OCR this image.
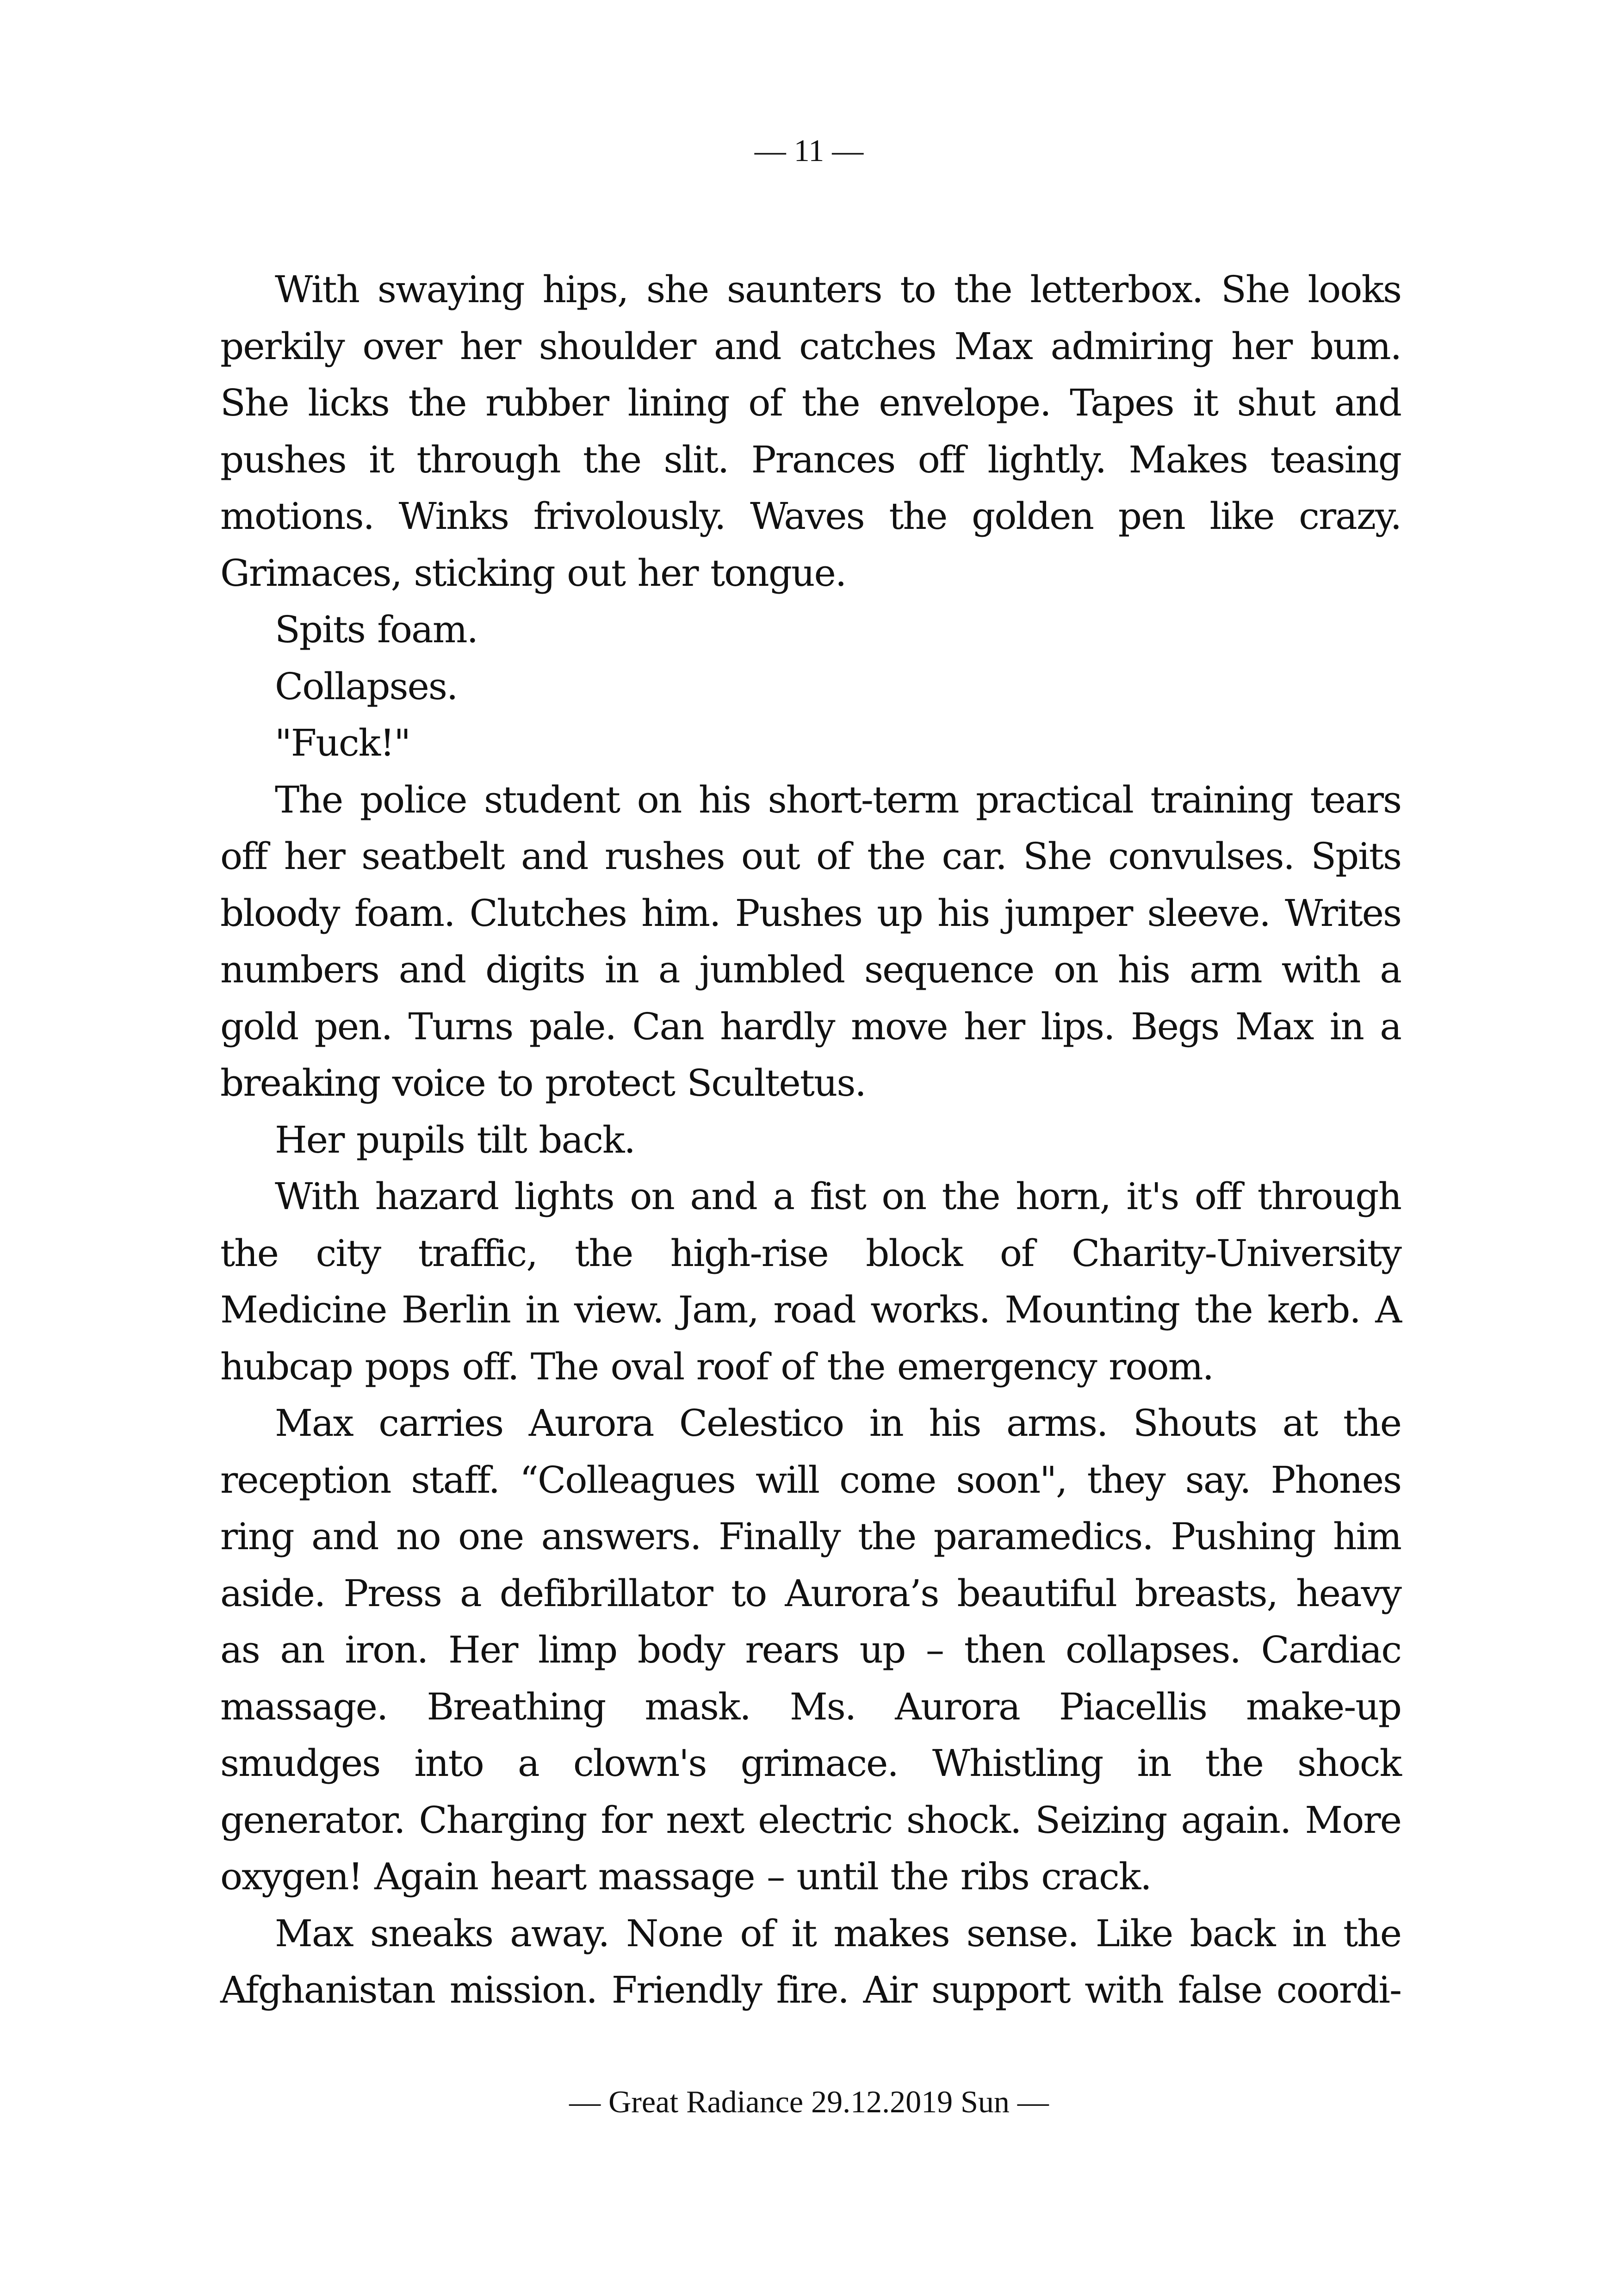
— 11 —

With swaying hips, she saunters to the letterbox. She looks perkily over her shoulder and catches Max admiring her bum. She licks the rubber lining of the envelope. Tapes it shut and pushes it through the slit. Prances off lightly. Makes teasing motions. Winks frivolously. Waves the golden pen like crazy. Grimaces, sticking out her tongue.

Spits foam.

Collapses.

"Fuck!"

The police student on his short-term practical training tears off her seatbelt and rushes out of the car. She convulses. Spits bloody foam. Clutches him. Pushes up his jumper sleeve. Writes numbers and digits in a jumbled sequence on his arm with a gold pen. Turns pale. Can hardly move her lips. Begs Max in a breaking voice to protect Scultetus.

Her pupils tilt back.

With hazard lights on and a fist on the horn, it's off through the city traffic, the high-rise block of Charity-University Medicine Berlin in view. Jam, road works. Mounting the kerb. A hubcap pops off. The oval roof of the emergency room.

Max carries Aurora Celestico in his arms. Shouts at the reception staff. “Colleagues will come soon", they say. Phones ring and no one answers. Finally the paramedics. Pushing him aside. Press a defibrillator to Aurora’s beautiful breasts, heavy as an iron. Her limp body rears up – then collapses. Cardiac massage. Breathing mask. Ms. Aurora Piacellis make-up smudges into a clown's grimace. Whistling in the shock generator. Charging for next electric shock. Seizing again. More oxygen! Again heart massage – until the ribs crack.

Max sneaks away. None of it makes sense. Like back in the Afghanistan mission. Friendly fire. Air support with false coordi-

— Great Radiance 29.12.2019 Sun —
